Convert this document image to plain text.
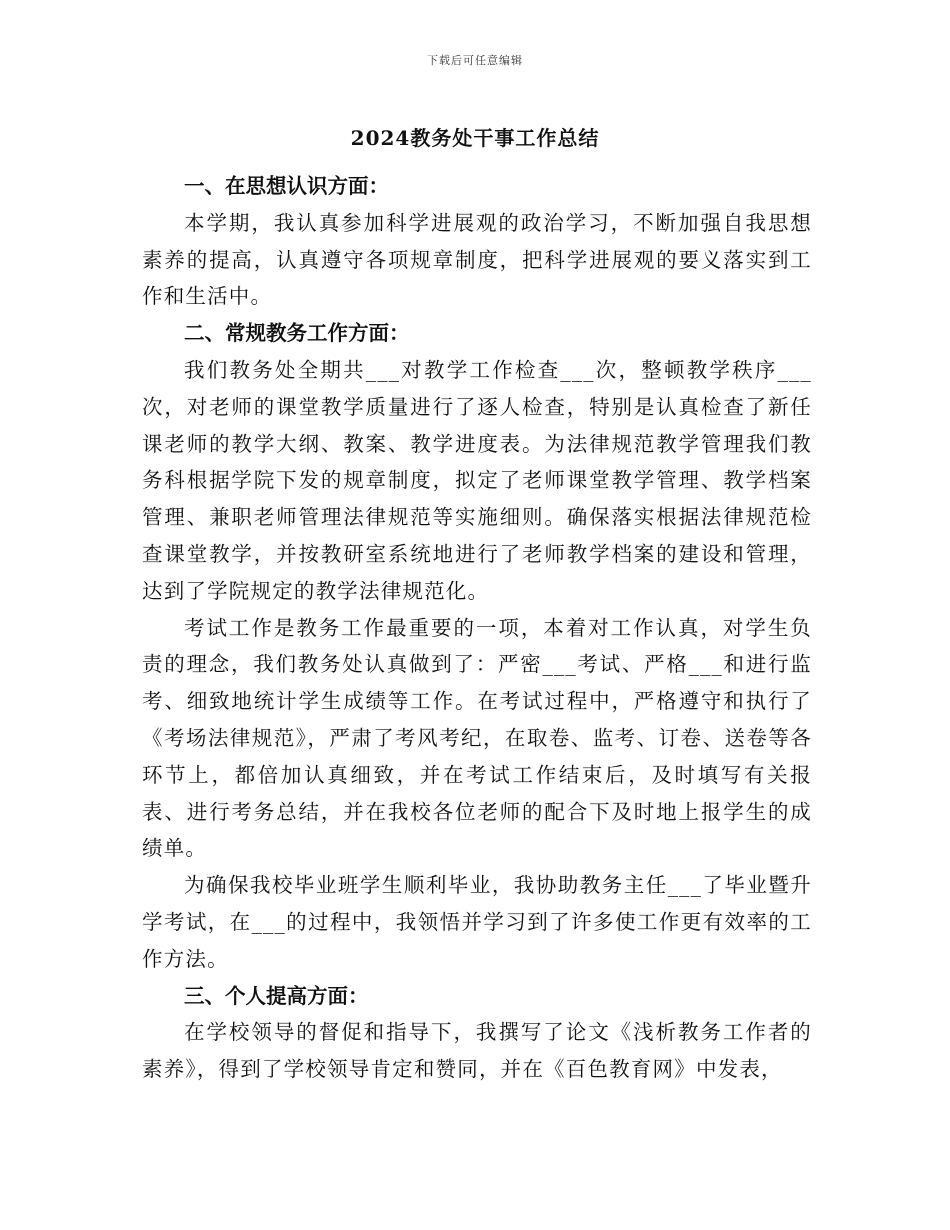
下载后可任意编辑
2024教务处干事工作总结

一、在思想认识方面：

本学期，我认真参加科学进展观的政治学习，不断加强自我思想素养的提高，认真遵守各项规章制度，把科学进展观的要义落实到工作和生活中。

二、常规教务工作方面：

我们教务处全期共___对教学工作检查___次，整顿教学秩序___次，对老师的课堂教学质量进行了逐人检查，特别是认真检查了新任课老师的教学大纲、教案、教学进度表。为法律规范教学管理我们教务科根据学院下发的规章制度，拟定了老师课堂教学管理、教学档案管理、兼职老师管理法律规范等实施细则。确保落实根据法律规范检查课堂教学，并按教研室系统地进行了老师教学档案的建设和管理，达到了学院规定的教学法律规范化。

考试工作是教务工作最重要的一项，本着对工作认真，对学生负责的理念，我们教务处认真做到了：严密___考试、严格___和进行监考、细致地统计学生成绩等工作。在考试过程中，严格遵守和执行了《考场法律规范》，严肃了考风考纪，在取卷、监考、订卷、送卷等各环节上，都倍加认真细致，并在考试工作结束后，及时填写有关报表、进行考务总结，并在我校各位老师的配合下及时地上报学生的成绩单。

为确保我校毕业班学生顺利毕业，我协助教务主任___了毕业暨升学考试，在___的过程中，我领悟并学习到了许多使工作更有效率的工作方法。

三、个人提高方面：

在学校领导的督促和指导下，我撰写了论文《浅析教务工作者的素养》，得到了学校领导肯定和赞同，并在《百色教育网》中发表，
